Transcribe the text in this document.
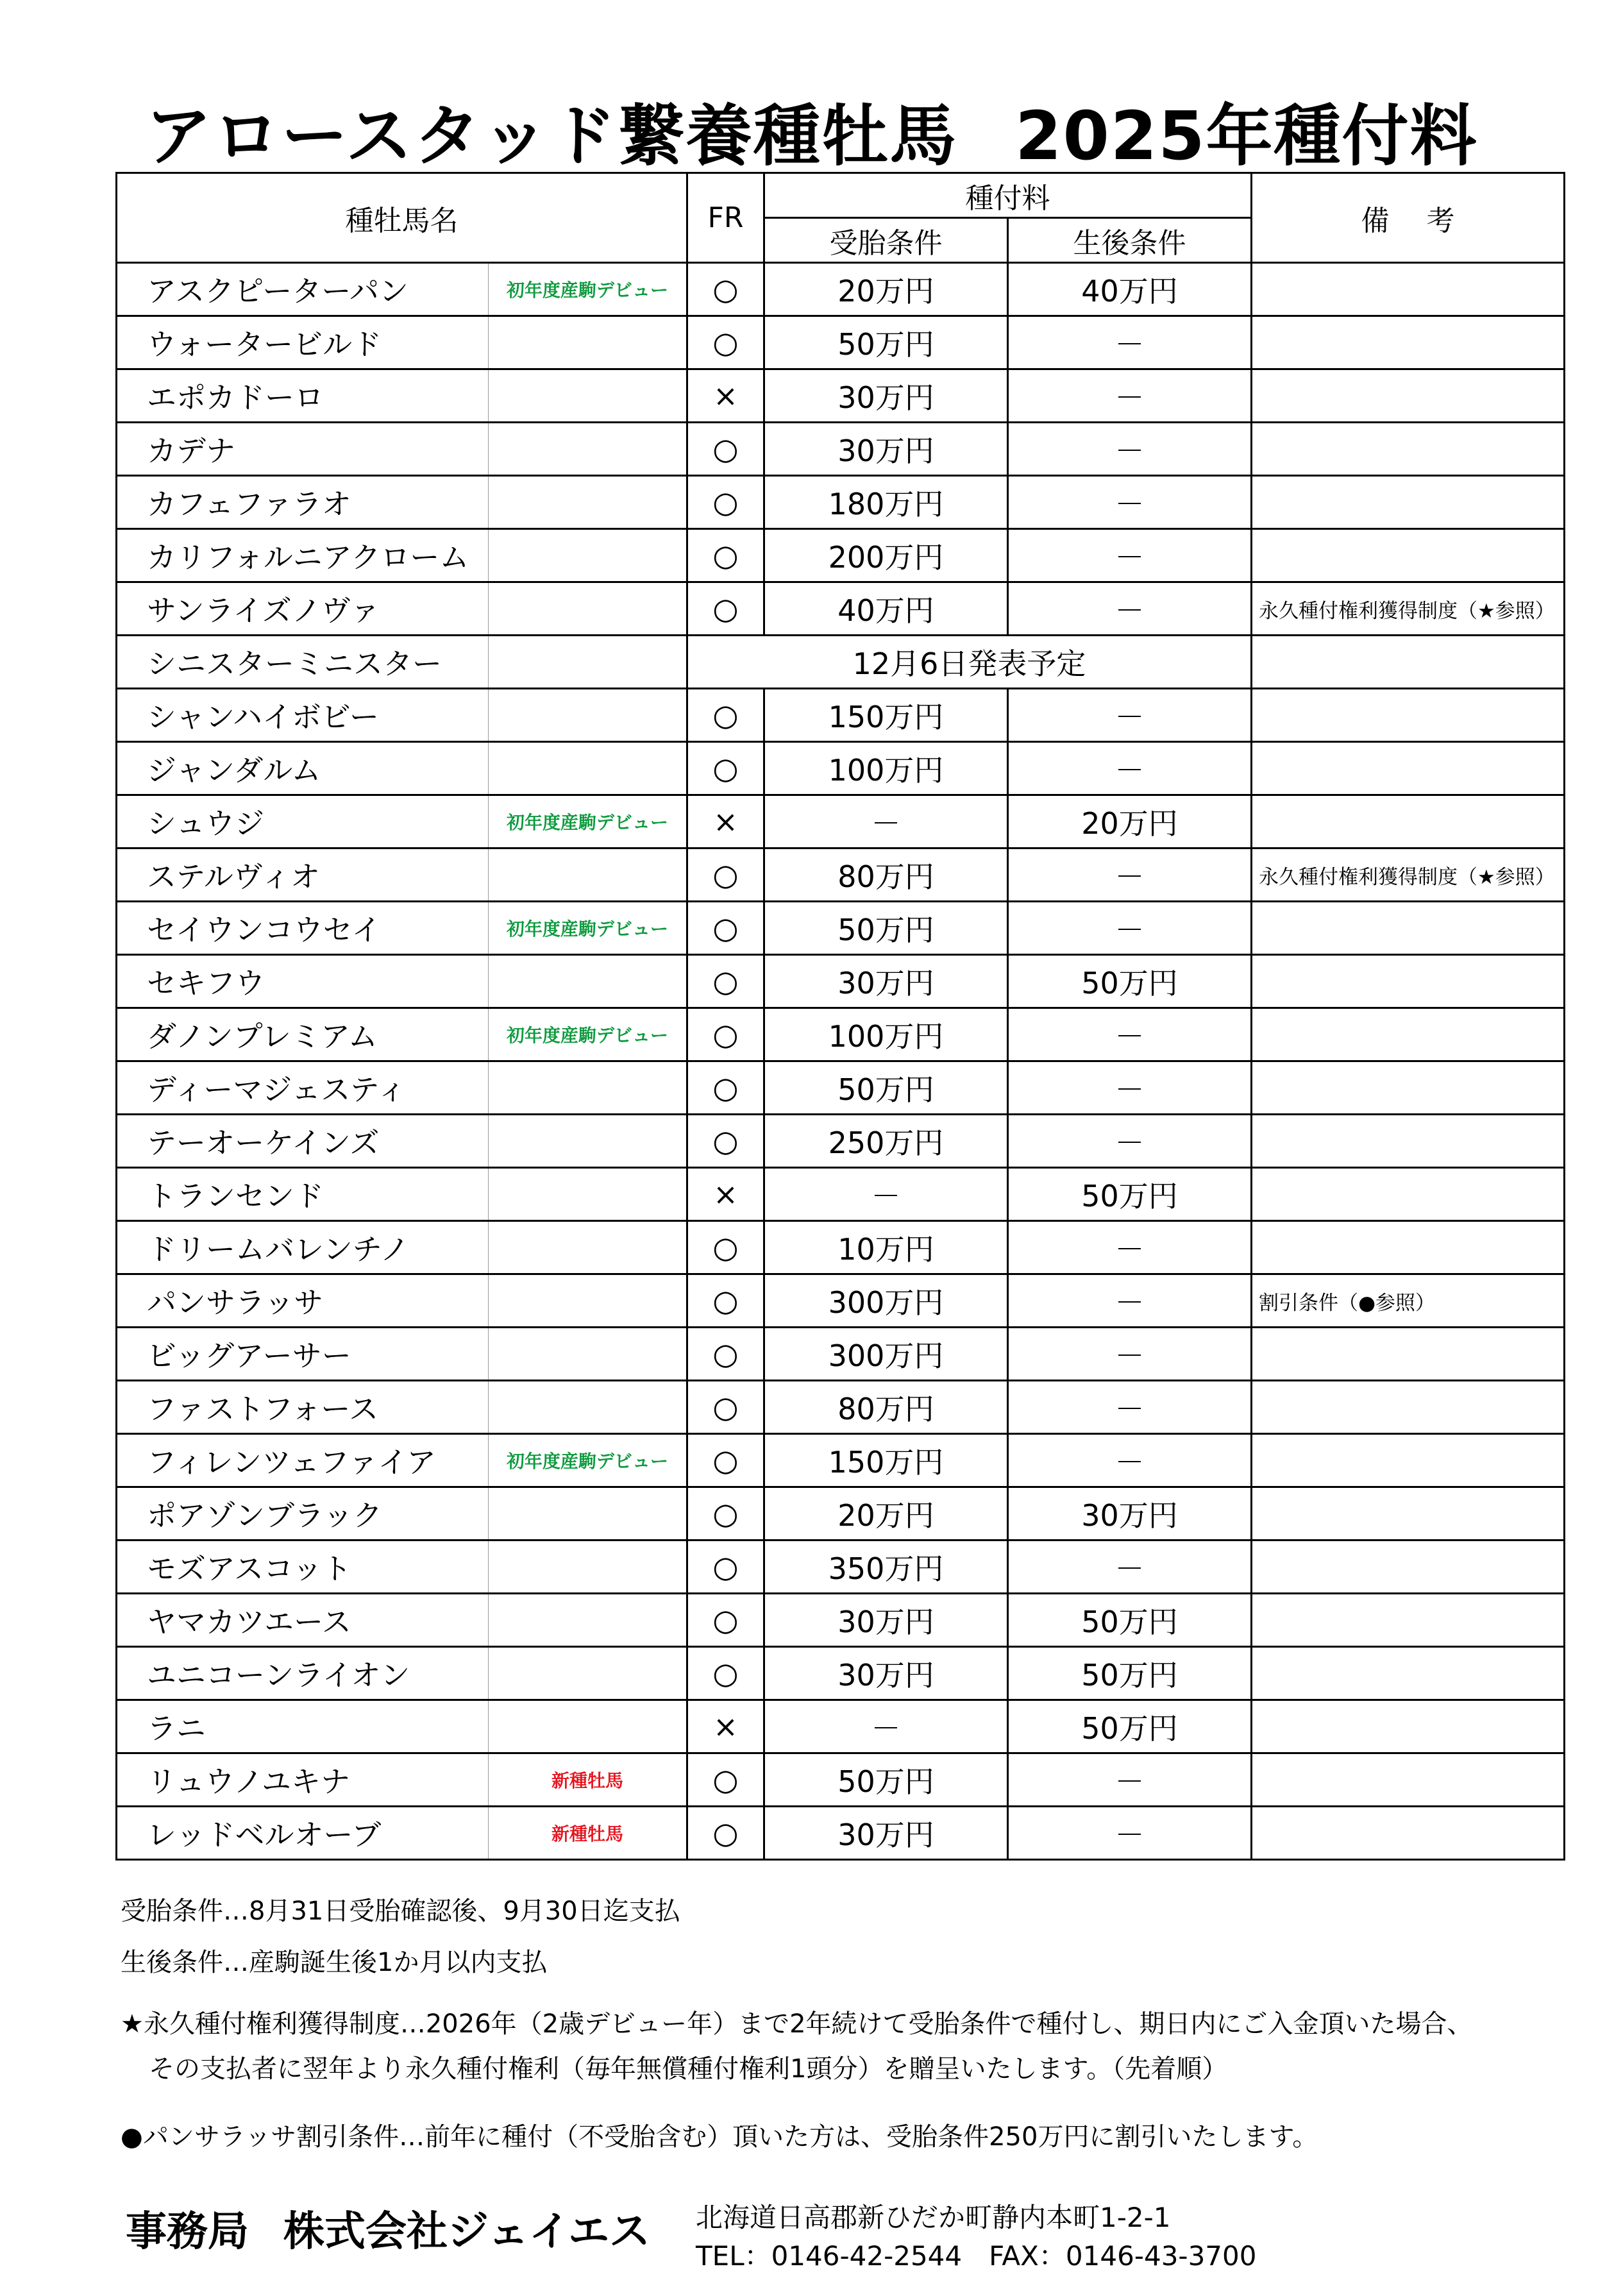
アロースタッド繋養種牡馬 2025年種付料
種牡馬名		FR	種付料		備　 考
			受胎条件	生後条件	
アスクピーターパン	初年度産駒デビュー	○	20万円	40万円	
ウォータービルド		○	50万円	－	
エポカドーロ		×	30万円	－	
カデナ		○	30万円	－	
カフェファラオ		○	180万円	－	
カリフォルニアクローム		○	200万円	－	
サンライズノヴァ		○	40万円	－	永久種付権利獲得制度（★参照）
シニスターミニスター		12月6日発表予定			
シャンハイボビー		○	150万円	－	
ジャンダルム		○	100万円	－	
シュウジ	初年度産駒デビュー	×	－	20万円	
ステルヴィオ		○	80万円	－	永久種付権利獲得制度（★参照）
セイウンコウセイ	初年度産駒デビュー	○	50万円	－	
セキフウ		○	30万円	50万円	
ダノンプレミアム	初年度産駒デビュー	○	100万円	－	
ディーマジェスティ		○	50万円	－	
テーオーケインズ		○	250万円	－	
トランセンド		×	－	50万円	
ドリームバレンチノ		○	10万円	－	
パンサラッサ		○	300万円	－	割引条件（●参照）
ビッグアーサー		○	300万円	－	
ファストフォース		○	80万円	－	
フィレンツェファイア	初年度産駒デビュー	○	150万円	－	
ポアゾンブラック		○	20万円	30万円	
モズアスコット		○	350万円	－	
ヤマカツエース		○	30万円	50万円	
ユニコーンライオン		○	30万円	50万円	
ラニ		×	－	50万円	
リュウノユキナ	新種牡馬	○	50万円	－	
レッドベルオーブ	新種牡馬	○	30万円	－	
受胎条件…8月31日受胎確認後、9月30日迄支払
生後条件…産駒誕生後1か月以内支払
★永久種付権利獲得制度…2026年（2歳デビュー年）まで2年続けて受胎条件で種付し、期日内にご入金頂いた場合、
その支払者に翌年より永久種付権利（毎年無償種付権利1頭分）を贈呈いたします。（先着順）
●パンサラッサ割引条件…前年に種付（不受胎含む）頂いた方は、受胎条件250万円に割引いたします。
事務局 株式会社ジェイエス 北海道日高郡新ひだか町静内本町1-2-1
TEL：0146-42-2544　FAX：0146-43-3700
